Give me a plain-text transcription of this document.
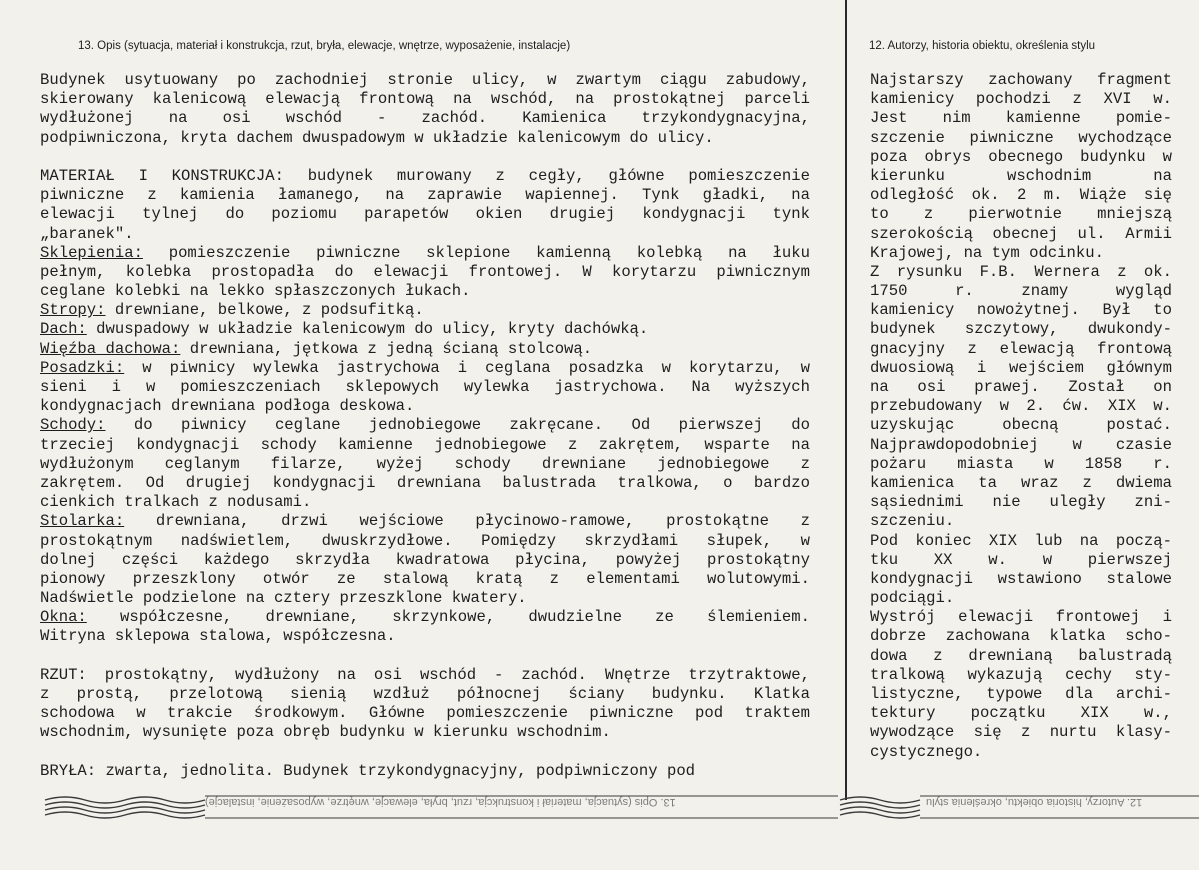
13. Opis (sytuacja, materiał i konstrukcja, rzut, bryła, elewacje, wnętrze, wyposażenie, instalacje)	12. Autorzy, historia obiektu, określenia stylu
Budynek usytuowany po zachodniej stronie ulicy, w zwartym ciągu zabudowy,
skierowany kalenicową elewacją frontową na wschód, na prostokątnej parceli
wydłużonej na osi wschód - zachód. Kamienica trzykondygnacyjna,
podpiwniczona, kryta dachem dwuspadowym w układzie kalenicowym do ulicy.
MATERIAŁ I KONSTRUKCJA: budynek murowany z cegły, główne pomieszczenie
piwniczne z kamienia łamanego, na zaprawie wapiennej. Tynk gładki, na
elewacji tylnej do poziomu parapetów okien drugiej kondygnacji tynk
„baranek".
Sklepienia: pomieszczenie piwniczne sklepione kamienną kolebką na łuku
pełnym, kolebka prostopadła do elewacji frontowej. W korytarzu piwnicznym
ceglane kolebki na lekko spłaszczonych łukach.
Stropy: drewniane, belkowe, z podsufitką.
Dach: dwuspadowy w układzie kalenicowym do ulicy, kryty dachówką.
Więźba dachowa: drewniana, jętkowa z jedną ścianą stolcową.
Posadzki: w piwnicy wylewka jastrychowa i ceglana posadzka w korytarzu, w
sieni i w pomieszczeniach sklepowych wylewka jastrychowa. Na wyższych
kondygnacjach drewniana podłoga deskowa.
Schody: do piwnicy ceglane jednobiegowe zakręcane. Od pierwszej do
trzeciej kondygnacji schody kamienne jednobiegowe z zakrętem, wsparte na
wydłużonym ceglanym filarze, wyżej schody drewniane jednobiegowe z
zakrętem. Od drugiej kondygnacji drewniana balustrada tralkowa, o bardzo
cienkich tralkach z nodusami.
Stolarka: drewniana, drzwi wejściowe płycinowo-ramowe, prostokątne z
prostokątnym nadświetlem, dwuskrzydłowe. Pomiędzy skrzydłami słupek, w
dolnej części każdego skrzydła kwadratowa płycina, powyżej prostokątny
pionowy przeszklony otwór ze stalową kratą z elementami wolutowymi.
Nadświetle podzielone na cztery przeszklone kwatery.
Okna: współczesne, drewniane, skrzynkowe, dwudzielne ze ślemieniem.
Witryna sklepowa stalowa, współczesna.
RZUT: prostokątny, wydłużony na osi wschód - zachód. Wnętrze trzytraktowe,
z prostą, przelotową sienią wzdłuż północnej ściany budynku. Klatka
schodowa w trakcie środkowym. Główne pomieszczenie piwniczne pod traktem
wschodnim, wysunięte poza obręb budynku w kierunku wschodnim.
BRYŁA: zwarta, jednolita. Budynek trzykondygnacyjny, podpiwniczony pod
Najstarszy zachowany fragment
kamienicy pochodzi z XVI w.
Jest nim kamienne pomie-
szczenie piwniczne wychodzące
poza obrys obecnego budynku w
kierunku wschodnim na
odległość ok. 2 m. Wiąże się
to z pierwotnie mniejszą
szerokością obecnej ul. Armii
Krajowej, na tym odcinku.
Z rysunku F.B. Wernera z ok.
1750 r. znamy wygląd
kamienicy nowożytnej. Był to
budynek szczytowy, dwukondy-
gnacyjny z elewacją frontową
dwuosiową i wejściem głównym
na osi prawej. Został on
przebudowany w 2. ćw. XIX w.
uzyskując obecną postać.
Najprawdopodobniej w czasie
pożaru miasta w 1858 r.
kamienica ta wraz z dwiema
sąsiednimi nie uległy zni-
szczeniu.
Pod koniec XIX lub na począ-
tku XX w. w pierwszej
kondygnacji wstawiono stalowe
podciągi.
Wystrój elewacji frontowej i
dobrze zachowana klatka scho-
dowa z drewnianą balustradą
tralkową wykazują cechy sty-
listyczne, typowe dla archi-
tektury początku XIX w.,
wywodzące się z nurtu klasy-
cystycznego.
13. Opis (sytuacja, materiał i konstrukcja, rzut, bryła, elewacje, wnętrze, wyposażenie, instalacje)	12. Autorzy, historia obiektu, określenia stylu
